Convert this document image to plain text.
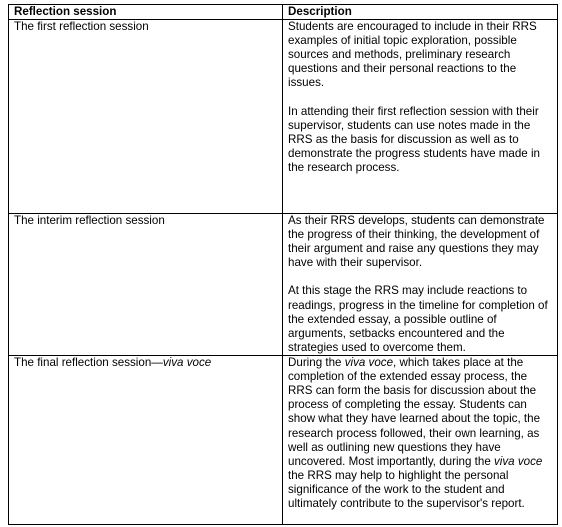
Reflection session	Description
The first reflection session	Students are encouraged to include in their RRS examples of initial topic exploration, possible sources and methods, preliminary research questions and their personal reactions to the issues.

In attending their first reflection session with their supervisor, students can use notes made in the RRS as the basis for discussion as well as to demonstrate the progress students have made in the research process.

The interim reflection session	As their RRS develops, students can demonstrate the progress of their thinking, the development of their argument and raise any questions they may have with their supervisor.

At this stage the RRS may include reactions to readings, progress in the timeline for completion of the extended essay, a possible outline of arguments, setbacks encountered and the strategies used to overcome them.

The final reflection session—viva voce	During the viva voce, which takes place at the completion of the extended essay process, the RRS can form the basis for discussion about the process of completing the essay. Students can show what they have learned about the topic, the research process followed, their own learning, as well as outlining new questions they have uncovered. Most importantly, during the viva voce the RRS may help to highlight the personal significance of the work to the student and ultimately contribute to the supervisor's report.
